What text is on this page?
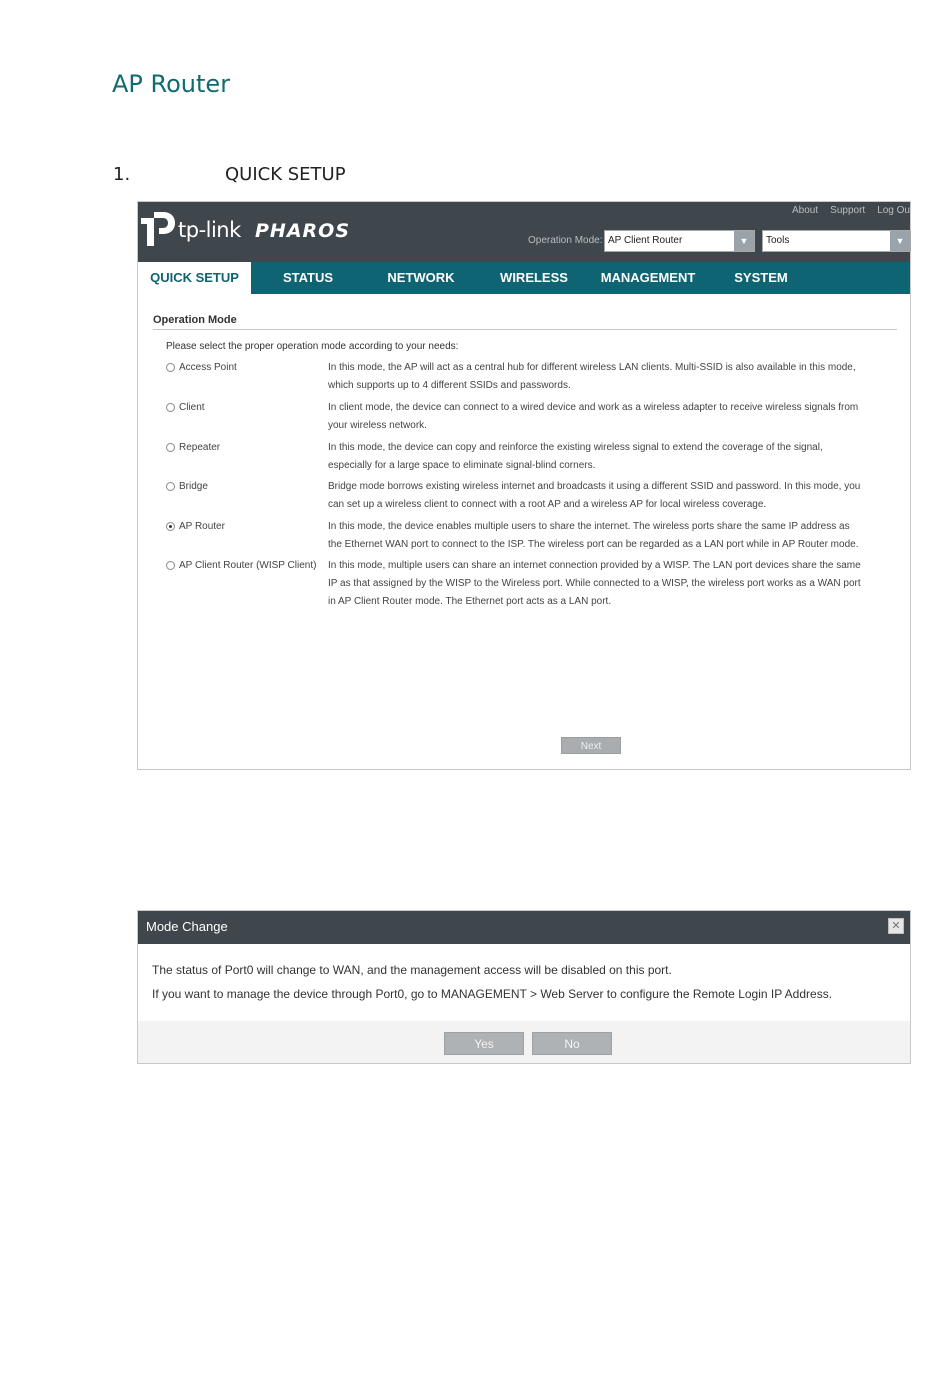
AP Router
1.	QUICK SETUP
tp-link PHAROS
About Support Log Ou
Operation Mode: AP Client Router	▼	Tools	▼
QUICK SETUP	STATUS	NETWORK	WIRELESS	MANAGEMENT	SYSTEM
Operation Mode
Please select the proper operation mode according to your needs:
Access Point	In this mode, the AP will act as a central hub for different wireless LAN clients. Multi-SSID is also available in this mode, which supports up to 4 different SSIDs and passwords.
Client	In client mode, the device can connect to a wired device and work as a wireless adapter to receive wireless signals from your wireless network.
Repeater	In this mode, the device can copy and reinforce the existing wireless signal to extend the coverage of the signal, especially for a large space to eliminate signal-blind corners.
Bridge	Bridge mode borrows existing wireless internet and broadcasts it using a different SSID and password. In this mode, you can set up a wireless client to connect with a root AP and a wireless AP for local wireless coverage.
AP Router	In this mode, the device enables multiple users to share the internet. The wireless ports share the same IP address as the Ethernet WAN port to connect to the ISP. The wireless port can be regarded as a LAN port while in AP Router mode.
AP Client Router (WISP Client) In this mode, multiple users can share an internet connection provided by a WISP. The LAN port devices share the same IP as that assigned by the WISP to the Wireless port. While connected to a WISP, the wireless port works as a WAN port in AP Client Router mode. The Ethernet port acts as a LAN port.
Next
Mode Change	✕
The status of Port0 will change to WAN, and the management access will be disabled on this port.
If you want to manage the device through Port0, go to MANAGEMENT > Web Server to configure the Remote Login IP Address.
Yes	No
